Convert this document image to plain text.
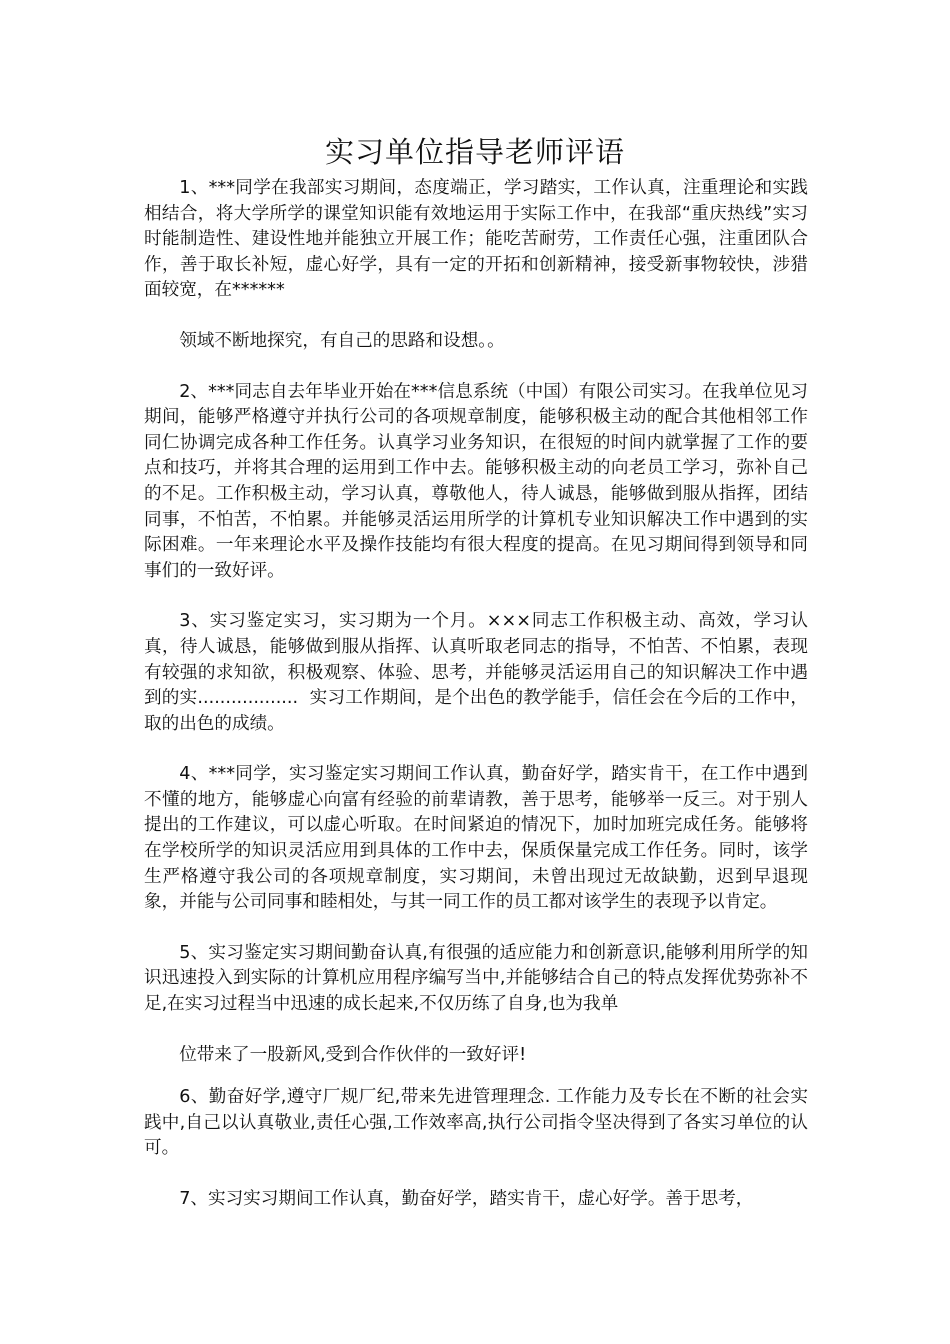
实习单位指导老师评语

1、***同学在我部实习期间，态度端正，学习踏实，工作认真，注重理论和实践相结合，将大学所学的课堂知识能有效地运用于实际工作中，在我部“重庆热线”实习时能制造性、建设性地并能独立开展工作；能吃苦耐劳，工作责任心强，注重团队合作，善于取长补短，虚心好学，具有一定的开拓和创新精神，接受新事物较快，涉猎面较宽，在******

领域不断地探究，有自己的思路和设想。。

2、***同志自去年毕业开始在***信息系统（中国）有限公司实习。在我单位见习期间，能够严格遵守并执行公司的各项规章制度，能够积极主动的配合其他相邻工作同仁协调完成各种工作任务。认真学习业务知识，在很短的时间内就掌握了工作的要点和技巧，并将其合理的运用到工作中去。能够积极主动的向老员工学习，弥补自己的不足。工作积极主动，学习认真，尊敬他人，待人诚恳，能够做到服从指挥，团结同事，不怕苦，不怕累。并能够灵活运用所学的计算机专业知识解决工作中遇到的实际困难。一年来理论水平及操作技能均有很大程度的提高。在见习期间得到领导和同事们的一致好评。

3、实习鉴定实习，实习期为一个月。×××同志工作积极主动、高效，学习认真，待人诚恳，能够做到服从指挥、认真听取老同志的指导，不怕苦、不怕累，表现有较强的求知欲，积极观察、体验、思考，并能够灵活运用自己的知识解决工作中遇到的实..................  实习工作期间，是个出色的教学能手，信任会在今后的工作中，取的出色的成绩。

4、***同学，实习鉴定实习期间工作认真，勤奋好学，踏实肯干，在工作中遇到不懂的地方，能够虚心向富有经验的前辈请教，善于思考，能够举一反三。对于别人提出的工作建议，可以虚心听取。在时间紧迫的情况下，加时加班完成任务。能够将在学校所学的知识灵活应用到具体的工作中去，保质保量完成工作任务。同时，该学生严格遵守我公司的各项规章制度，实习期间，未曾出现过无故缺勤，迟到早退现象，并能与公司同事和睦相处，与其一同工作的员工都对该学生的表现予以肯定。

5、实习鉴定实习期间勤奋认真,有很强的适应能力和创新意识,能够利用所学的知识迅速投入到实际的计算机应用程序编写当中,并能够结合自己的特点发挥优势弥补不足,在实习过程当中迅速的成长起来,不仅历练了自身,也为我单

位带来了一股新风,受到合作伙伴的一致好评!

6、勤奋好学,遵守厂规厂纪,带来先进管理理念. 工作能力及专长在不断的社会实践中,自己以认真敬业,责任心强,工作效率高,执行公司指令坚决得到了各实习单位的认可。

7、实习实习期间工作认真，勤奋好学，踏实肯干，虚心好学。善于思考，
